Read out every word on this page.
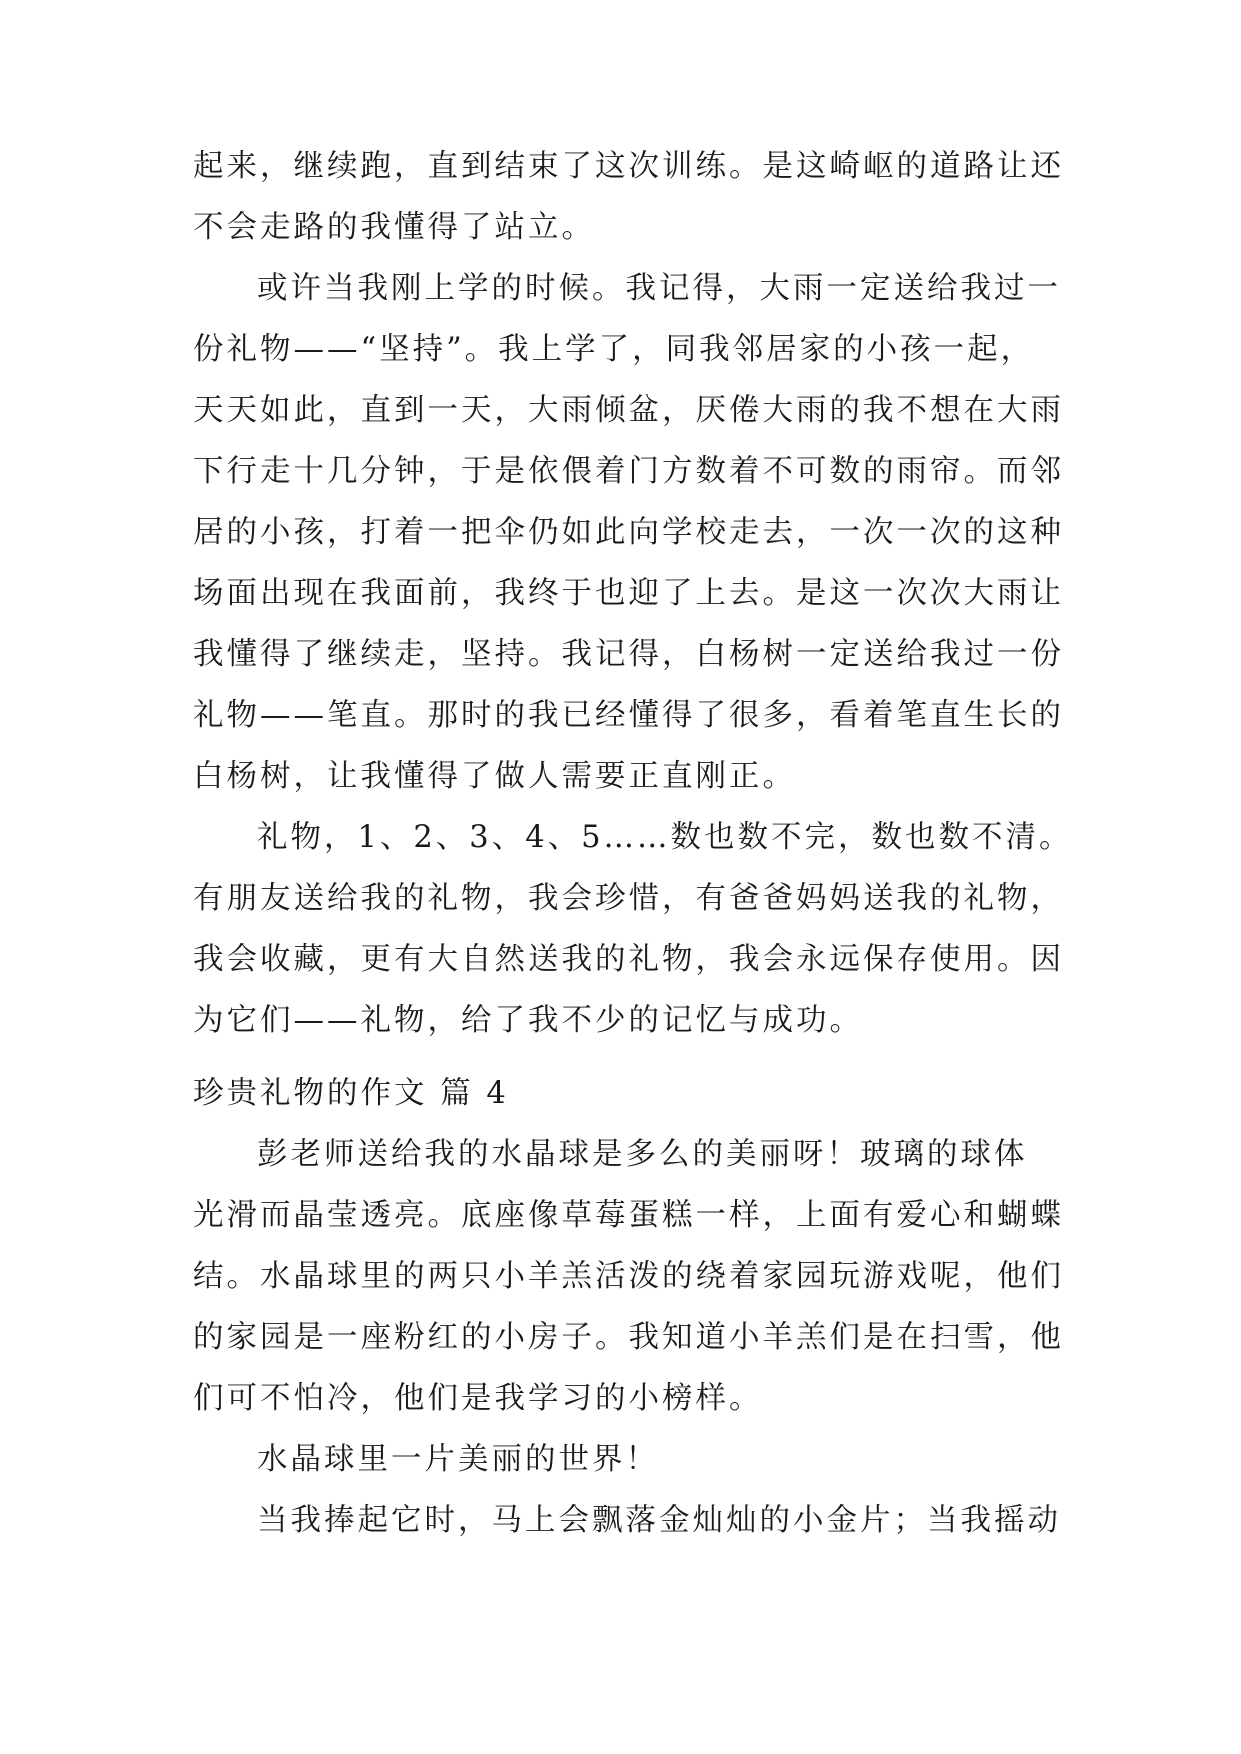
起来，继续跑，直到结束了这次训练。是这崎岖的道路让还
不会走路的我懂得了站立。
或许当我刚上学的时候。我记得，大雨一定送给我过一
份礼物——“坚持”。我上学了，同我邻居家的小孩一起，
天天如此，直到一天，大雨倾盆，厌倦大雨的我不想在大雨
下行走十几分钟，于是依偎着门方数着不可数的雨帘。而邻
居的小孩，打着一把伞仍如此向学校走去，一次一次的这种
场面出现在我面前，我终于也迎了上去。是这一次次大雨让
我懂得了继续走，坚持。我记得，白杨树一定送给我过一份
礼物——笔直。那时的我已经懂得了很多，看着笔直生长的
白杨树，让我懂得了做人需要正直刚正。
礼物，1、2、3、4、5……数也数不完，数也数不清。
有朋友送给我的礼物，我会珍惜，有爸爸妈妈送我的礼物，
我会收藏，更有大自然送我的礼物，我会永远保存使用。因
为它们——礼物，给了我不少的记忆与成功。
珍贵礼物的作文 篇 4
彭老师送给我的水晶球是多么的美丽呀！玻璃的球体
光滑而晶莹透亮。底座像草莓蛋糕一样，上面有爱心和蝴蝶
结。水晶球里的两只小羊羔活泼的绕着家园玩游戏呢，他们
的家园是一座粉红的小房子。我知道小羊羔们是在扫雪，他
们可不怕冷，他们是我学习的小榜样。
水晶球里一片美丽的世界！
当我捧起它时，马上会飘落金灿灿的小金片；当我摇动
